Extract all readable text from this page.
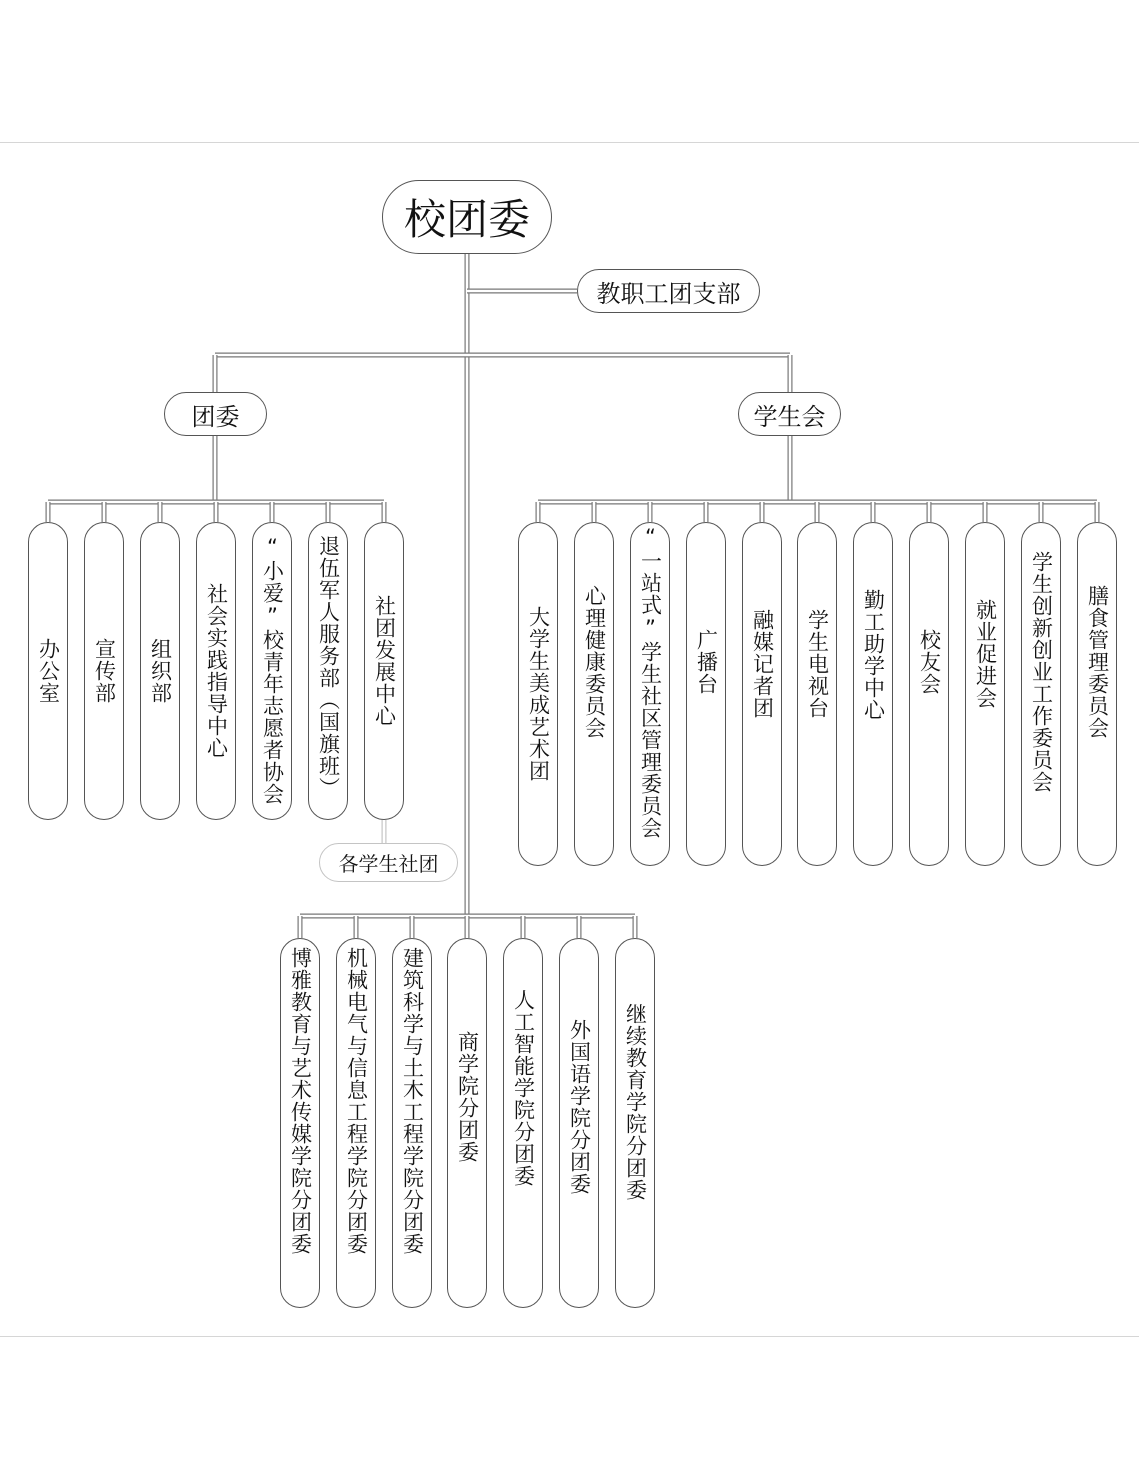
校团委
教职工团支部
团委	学生会
各学生社团
办公室 宣传部 组织部 社会实践指导中心 “小爱”校青年志愿者协会 退伍军人服务部（国旗班） 社团发展中心	大学生美成艺术团 心理健康委员会 “一站式”学生社区管理委员会 广播台 融媒记者团 学生电视台 勤工助学中心 校友会 就业促进会 学生创新创业工作委员会 膳食管理委员会
博雅教育与艺术传媒学院分团委 机械电气与信息工程学院分团委 建筑科学与土木工程学院分团委 商学院分团委 人工智能学院分团委 外国语学院分团委 继续教育学院分团委
